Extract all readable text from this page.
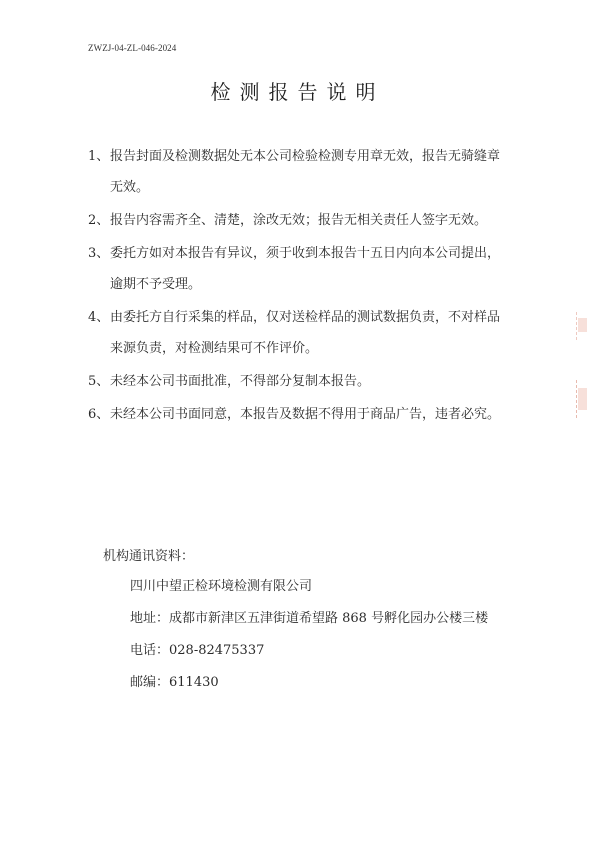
ZWZJ-04-ZL-046-2024
检测报告说明
1、 报告封面及检测数据处无本公司检验检测专用章无效，报告无骑缝章无效。
2、 报告内容需齐全、清楚，涂改无效；报告无相关责任人签字无效。
3、 委托方如对本报告有异议，须于收到本报告十五日内向本公司提出，逾期不予受理。
4、 由委托方自行采集的样品，仅对送检样品的测试数据负责，不对样品来源负责，对检测结果可不作评价。
5、 未经本公司书面批准，不得部分复制本报告。
6、 未经本公司书面同意，本报告及数据不得用于商品广告，违者必究。

机构通讯资料：

四川中望正检环境检测有限公司

地址：成都市新津区五津街道希望路 868 号孵化园办公楼三楼

电话：028-82475337

邮编：611430
